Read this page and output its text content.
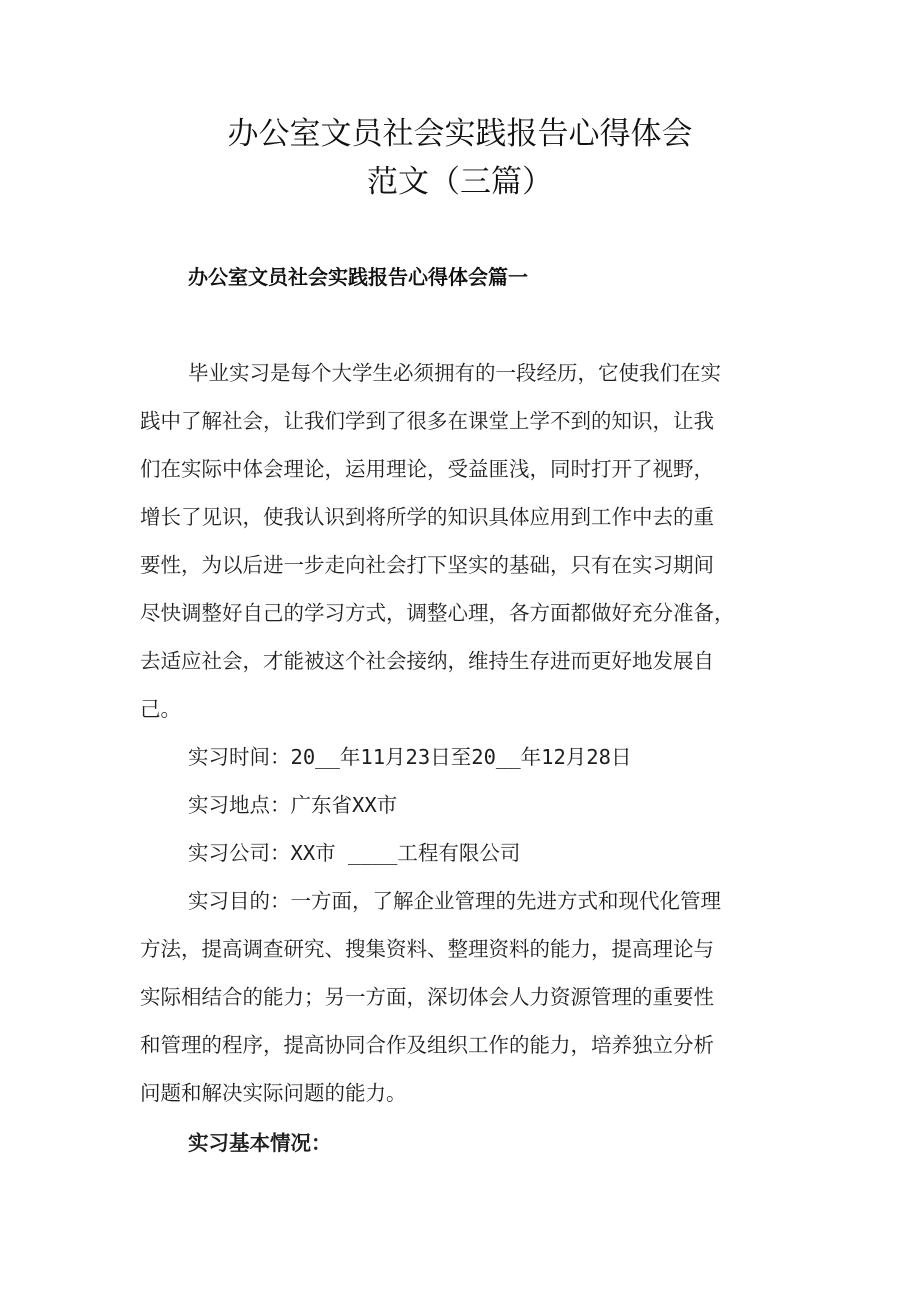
办公室文员社会实践报告心得体会
范文（三篇）
办公室文员社会实践报告心得体会篇一
毕业实习是每个大学生必须拥有的一段经历，它使我们在实
践中了解社会，让我们学到了很多在课堂上学不到的知识，让我
们在实际中体会理论，运用理论，受益匪浅，同时打开了视野，
增长了见识，使我认识到将所学的知识具体应用到工作中去的重
要性，为以后进一步走向社会打下坚实的基础，只有在实习期间
尽快调整好自己的学习方式，调整心理，各方面都做好充分准备，
去适应社会，才能被这个社会接纳，维持生存进而更好地发展自
己。
实习时间：20__年11月23日至20__年12月28日
实习地点：广东省XX市
实习公司：XX市 ____工程有限公司
实习目的：一方面，了解企业管理的先进方式和现代化管理
方法，提高调查研究、搜集资料、整理资料的能力，提高理论与
实际相结合的能力；另一方面，深切体会人力资源管理的重要性
和管理的程序，提高协同合作及组织工作的能力，培养独立分析
问题和解决实际问题的能力。
实习基本情况：
